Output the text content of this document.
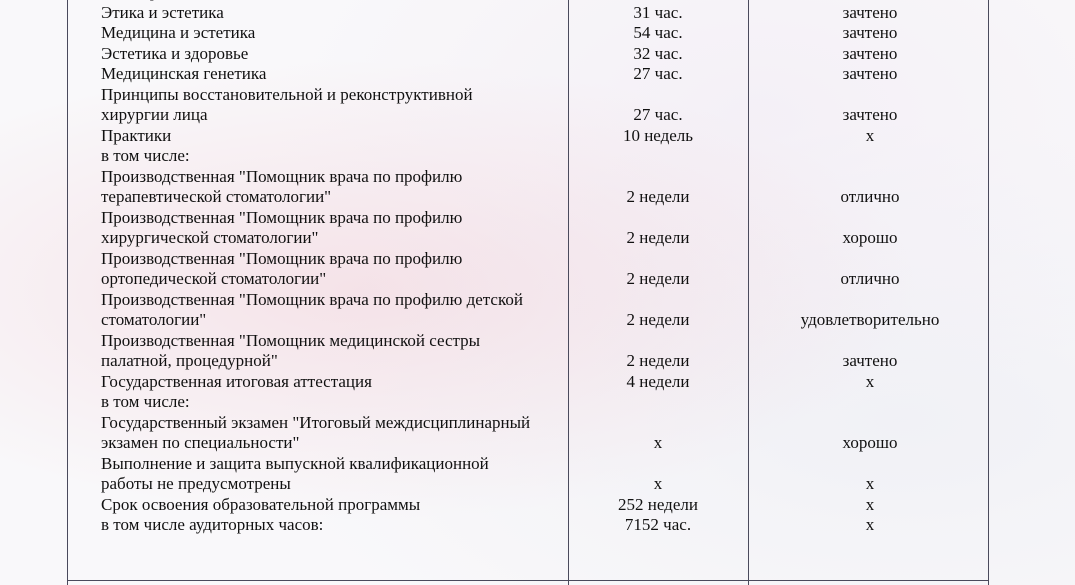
Этика и эстетика	31 час.	зачтено
Медицина и эстетика	54 час.	зачтено
Эстетика и здоровье	32 час.	зачтено
Медицинская генетика	27 час.	зачтено
Принципы восстановительной и реконструктивной
хирургии лица	27 час.	зачтено
Практики	10 недель	x
в том числе:
Производственная "Помощник врача по профилю
терапевтической стоматологии"	2 недели	отлично
Производственная "Помощник врача по профилю
хирургической стоматологии"	2 недели	хорошо
Производственная "Помощник врача по профилю
ортопедической стоматологии"	2 недели	отлично
Производственная "Помощник врача по профилю детской
стоматологии"	2 недели	удовлетворительно
Производственная "Помощник медицинской сестры
палатной, процедурной"	2 недели	зачтено
Государственная итоговая аттестация	4 недели	x
в том числе:
Государственный экзамен "Итоговый междисциплинарный
экзамен по специальности"	x	хорошо
Выполнение и защита выпускной квалификационной
работы не предусмотрены	x	x
Срок освоения образовательной программы	252 недели	x
в том числе аудиторных часов:	7152 час.	x
